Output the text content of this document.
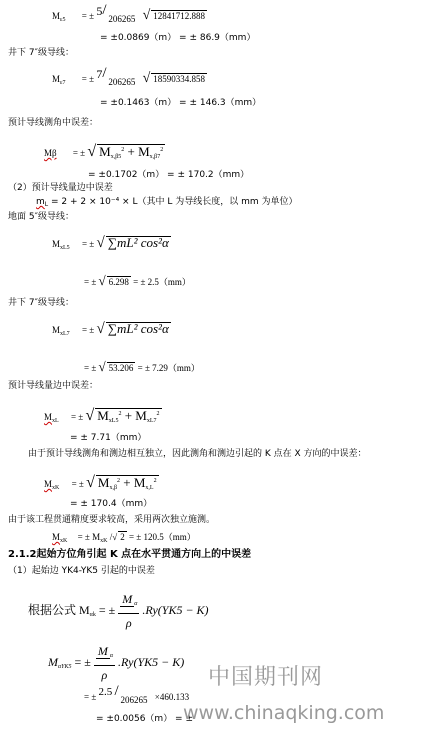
$M_{\varepsilon 5}$ = ± 5 /
206265 √ 12841712.888
= ±0.0869（m） = ± 86.9（mm）
井下 7″级导线：
$M_{\varepsilon 7}$ = ± 7 /
206265 √ 18590334.858
= ±0.1463（m） = ± 146.3（mm）
预计导线测角中误差：
Mβ = ± √ $M_{x,\beta 5}^2 + M_{x,\beta 7}^2$
= ±0.1702（m） = ± 170.2（mm）
（2）预计导线量边中误差
$m_L = 2 + 2 \times 10^{-4} \times L$（其中 L 为导线长度，以 mm 为单位）
地面 5″级导线：
$M_{xL5}$ = ± √ ∑mL² cos²α
= ± √ 6.298 = ± 2.5（mm）
井下 7″级导线：
$M_{xL7}$ = ± √ ∑mL² cos²α
= ± √ 53.206 = ± 7.29（mm）
预计导线量边中误差：
$M_{xL}$ = ± √ $M_{xL5}^2 + M_{xL7}^2$
= ± 7.71（mm）
由于预计导线测角和测边相互独立，因此测角和测边引起的 K 点在 X 方向的中误差：
$M_{xK}$ = ± √ $M_{x,\beta}^2 + M_{x,L}^2$
= ± 170.4（mm）
由于该工程贯通精度要求较高，采用两次独立施测。
$M_{xK}$ = ± $M_{xK}$ /√ 2 = ± 120.5（mm）
2.1.2起始方位角引起 K 点在水平贯通方向上的中误差
（1）起始边 YK4-YK5 引起的中误差
根据公式 $M_{\alpha k}$ = ± $\frac{M _\alpha}{\rho} .Ry(YK5 - K)$
$M_{\alpha YK5}$ = ± $\frac{M _\alpha}{\rho} .Ry(YK5 - K)$
= ± 2.5 /
206265 ×460.133
= ±0.0056（m） = ±
中国期刊网
www.chinaqking.com
